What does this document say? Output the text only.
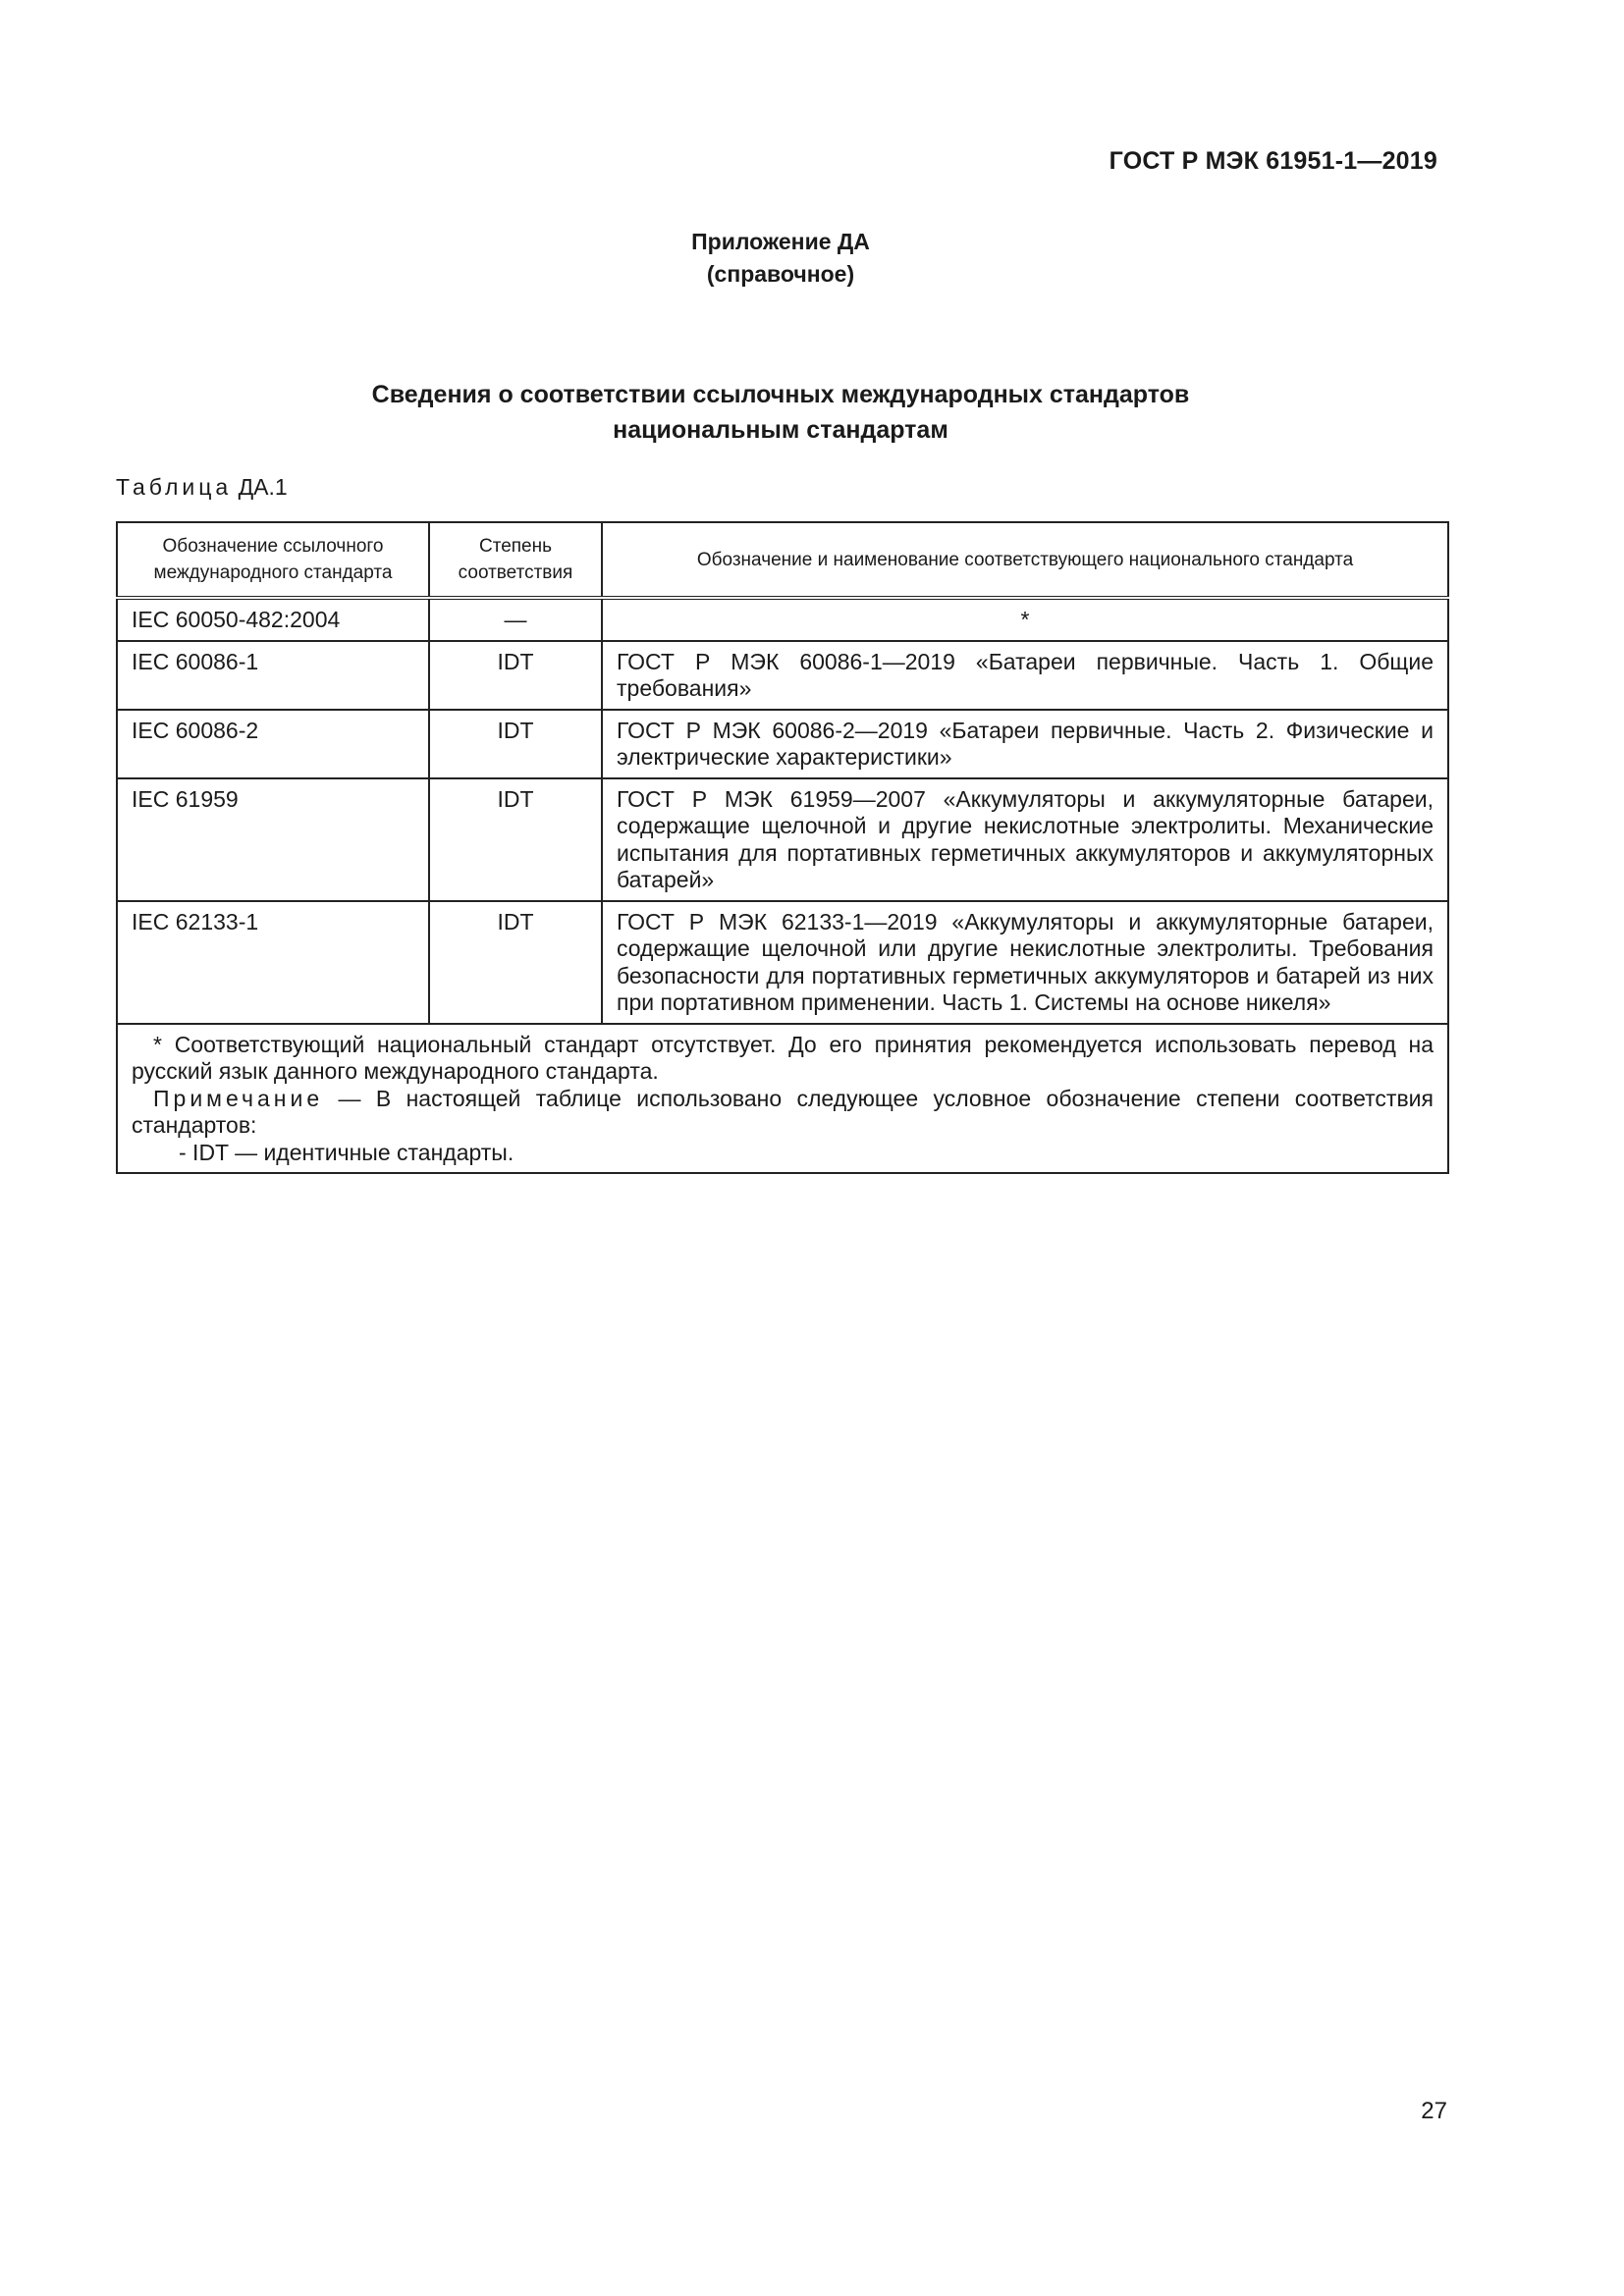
ГОСТ Р МЭК 61951-1—2019
Приложение ДА
(справочное)
Сведения о соответствии ссылочных международных стандартов
национальным стандартам
Таблица ДА.1
Обозначение ссылочного международного стандарта	Степень соответствия	Обозначение и наименование соответствующего национального стандарта
IEC 60050-482:2004	—	*
IEC 60086-1	IDT	ГОСТ Р МЭК 60086-1—2019 «Батареи первичные. Часть 1. Общие требования»
IEC 60086-2	IDT	ГОСТ Р МЭК 60086-2—2019 «Батареи первичные. Часть 2. Физические и электрические характеристики»
IEC 61959	IDT	ГОСТ Р МЭК 61959—2007 «Аккумуляторы и аккумуляторные батареи, содержащие щелочной и другие некислотные электролиты. Механические испытания для портативных герметичных аккумуляторов и аккумуляторных батарей»
IEC 62133-1	IDT	ГОСТ Р МЭК 62133-1—2019 «Аккумуляторы и аккумуляторные батареи, содержащие щелочной или другие некислотные электролиты. Требования безопасности для портативных герметичных аккумуляторов и батарей из них при портативном применении. Часть 1. Системы на основе никеля»

* Соответствующий национальный стандарт отсутствует. До его принятия рекомендуется использовать перевод на русский язык данного международного стандарта.
Примечание — В настоящей таблице использовано следующее условное обозначение степени соответствия стандартов:
- IDT — идентичные стандарты.		
27
